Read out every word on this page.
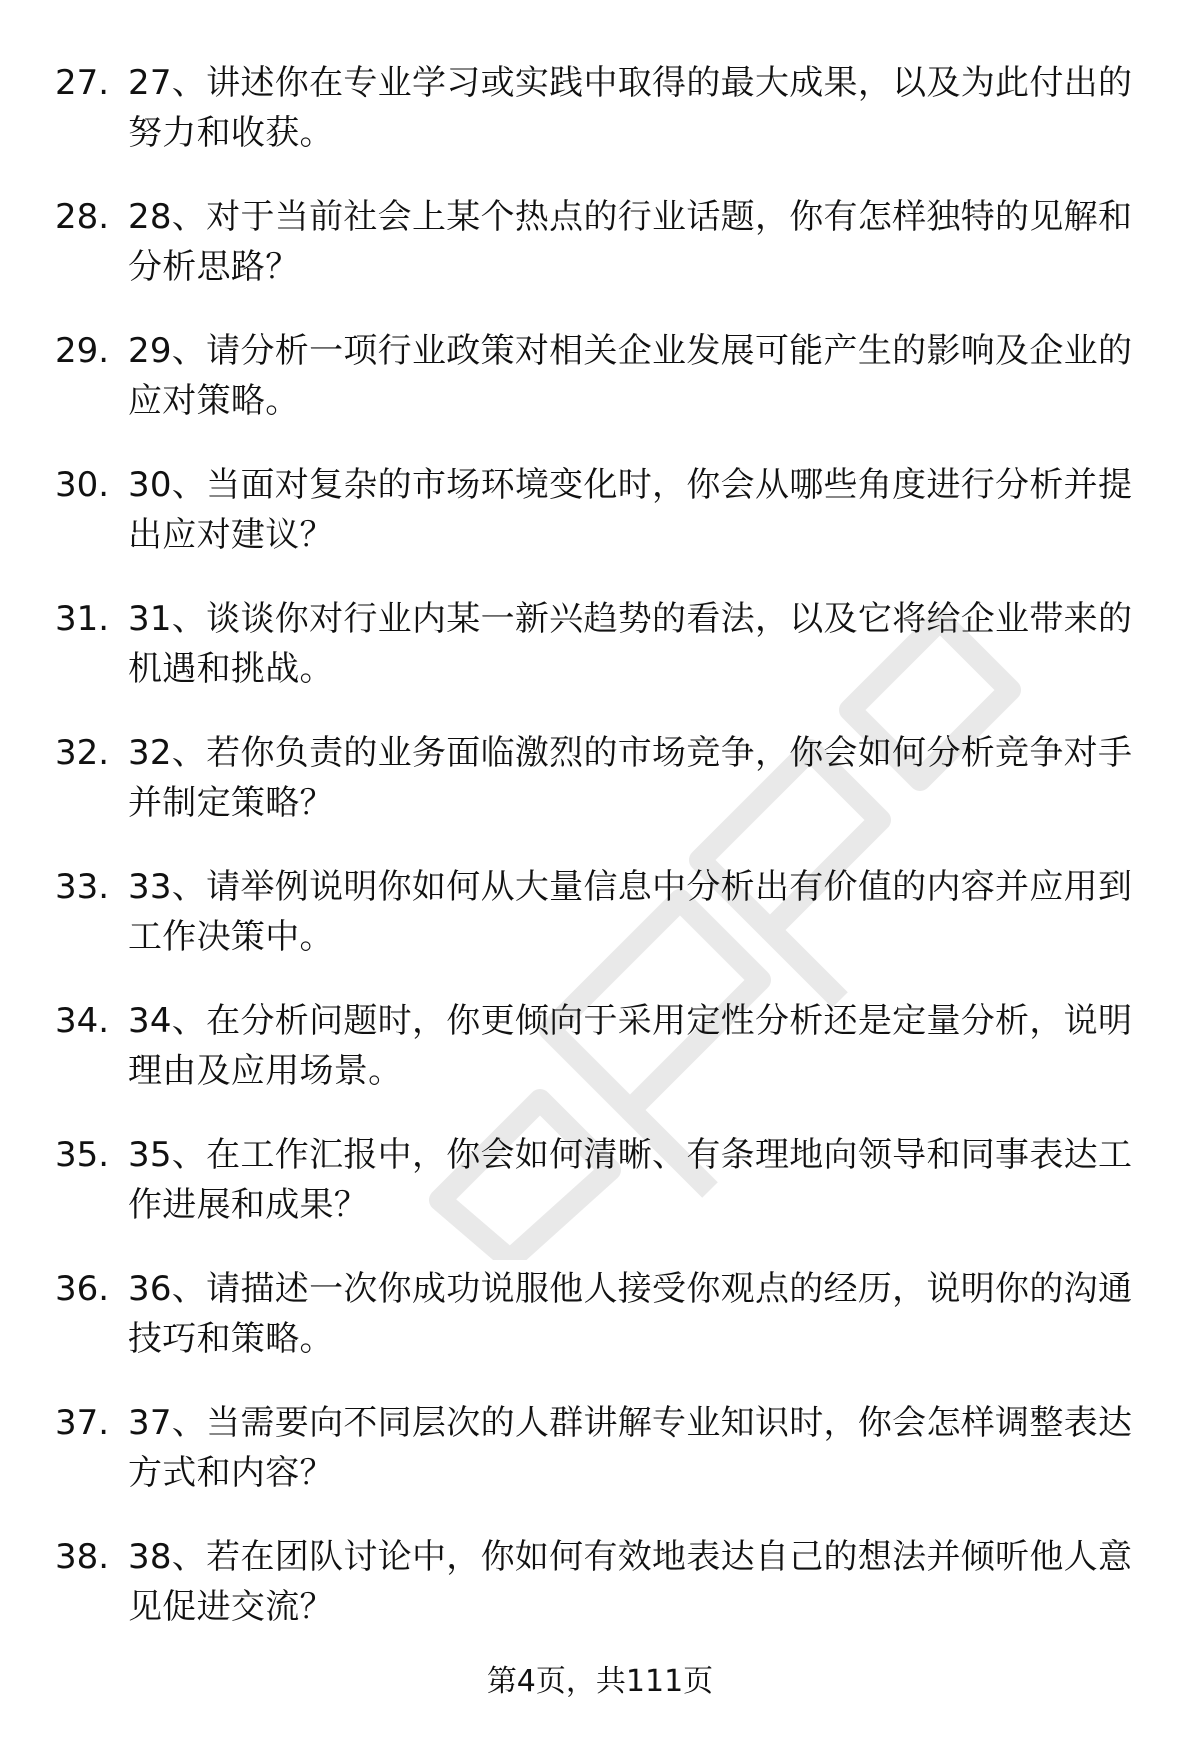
27. 27、讲述你在专业学习或实践中取得的最大成果，以及为此付出的努力和收获。
28. 28、对于当前社会上某个热点的行业话题，你有怎样独特的见解和分析思路？
29. 29、请分析一项行业政策对相关企业发展可能产生的影响及企业的应对策略。
30. 30、当面对复杂的市场环境变化时，你会从哪些角度进行分析并提出应对建议？
31. 31、谈谈你对行业内某一新兴趋势的看法，以及它将给企业带来的机遇和挑战。
32. 32、若你负责的业务面临激烈的市场竞争，你会如何分析竞争对手并制定策略？
33. 33、请举例说明你如何从大量信息中分析出有价值的内容并应用到工作决策中。
34. 34、在分析问题时，你更倾向于采用定性分析还是定量分析，说明理由及应用场景。
35. 35、在工作汇报中，你会如何清晰、有条理地向领导和同事表达工作进展和成果？
36. 36、请描述一次你成功说服他人接受你观点的经历，说明你的沟通技巧和策略。
37. 37、当需要向不同层次的人群讲解专业知识时，你会怎样调整表达方式和内容？
38. 38、若在团队讨论中，你如何有效地表达自己的想法并倾听他人意见促进交流？
第4页，共111页
